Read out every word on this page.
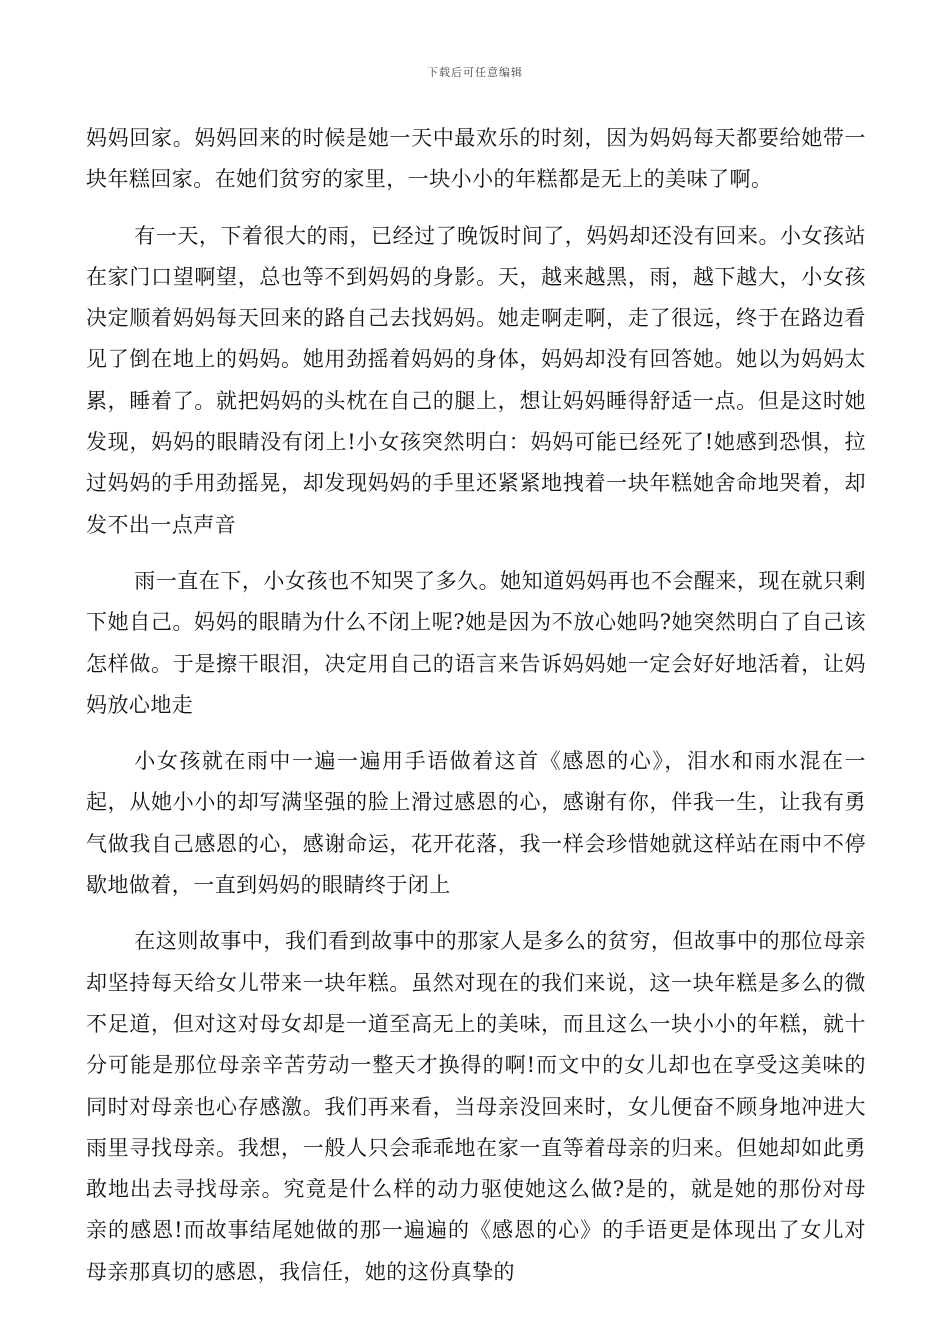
下载后可任意编辑

妈妈回家。妈妈回来的时候是她一天中最欢乐的时刻，因为妈妈每天都要给她带一块年糕回家。在她们贫穷的家里，一块小小的年糕都是无上的美味了啊。

有一天，下着很大的雨，已经过了晚饭时间了，妈妈却还没有回来。小女孩站在家门口望啊望，总也等不到妈妈的身影。天，越来越黑，雨，越下越大，小女孩决定顺着妈妈每天回来的路自己去找妈妈。她走啊走啊，走了很远，终于在路边看见了倒在地上的妈妈。她用劲摇着妈妈的身体，妈妈却没有回答她。她以为妈妈太累，睡着了。就把妈妈的头枕在自己的腿上，想让妈妈睡得舒适一点。但是这时她发现，妈妈的眼睛没有闭上!小女孩突然明白：妈妈可能已经死了!她感到恐惧，拉过妈妈的手用劲摇晃，却发现妈妈的手里还紧紧地拽着一块年糕她舍命地哭着，却发不出一点声音

雨一直在下，小女孩也不知哭了多久。她知道妈妈再也不会醒来，现在就只剩下她自己。妈妈的眼睛为什么不闭上呢?她是因为不放心她吗?她突然明白了自己该怎样做。于是擦干眼泪，决定用自己的语言来告诉妈妈她一定会好好地活着，让妈妈放心地走

小女孩就在雨中一遍一遍用手语做着这首《感恩的心》，泪水和雨水混在一起，从她小小的却写满坚强的脸上滑过感恩的心，感谢有你，伴我一生，让我有勇气做我自己感恩的心，感谢命运，花开花落，我一样会珍惜她就这样站在雨中不停歇地做着，一直到妈妈的眼睛终于闭上

在这则故事中，我们看到故事中的那家人是多么的贫穷，但故事中的那位母亲却坚持每天给女儿带来一块年糕。虽然对现在的我们来说，这一块年糕是多么的微不足道，但对这对母女却是一道至高无上的美味，而且这么一块小小的年糕，就十分可能是那位母亲辛苦劳动一整天才换得的啊!而文中的女儿却也在享受这美味的同时对母亲也心存感激。我们再来看，当母亲没回来时，女儿便奋不顾身地冲进大雨里寻找母亲。我想，一般人只会乖乖地在家一直等着母亲的归来。但她却如此勇敢地出去寻找母亲。究竟是什么样的动力驱使她这么做?是的，就是她的那份对母亲的感恩!而故事结尾她做的那一遍遍的《感恩的心》的手语更是体现出了女儿对母亲那真切的感恩，我信任，她的这份真挚的
